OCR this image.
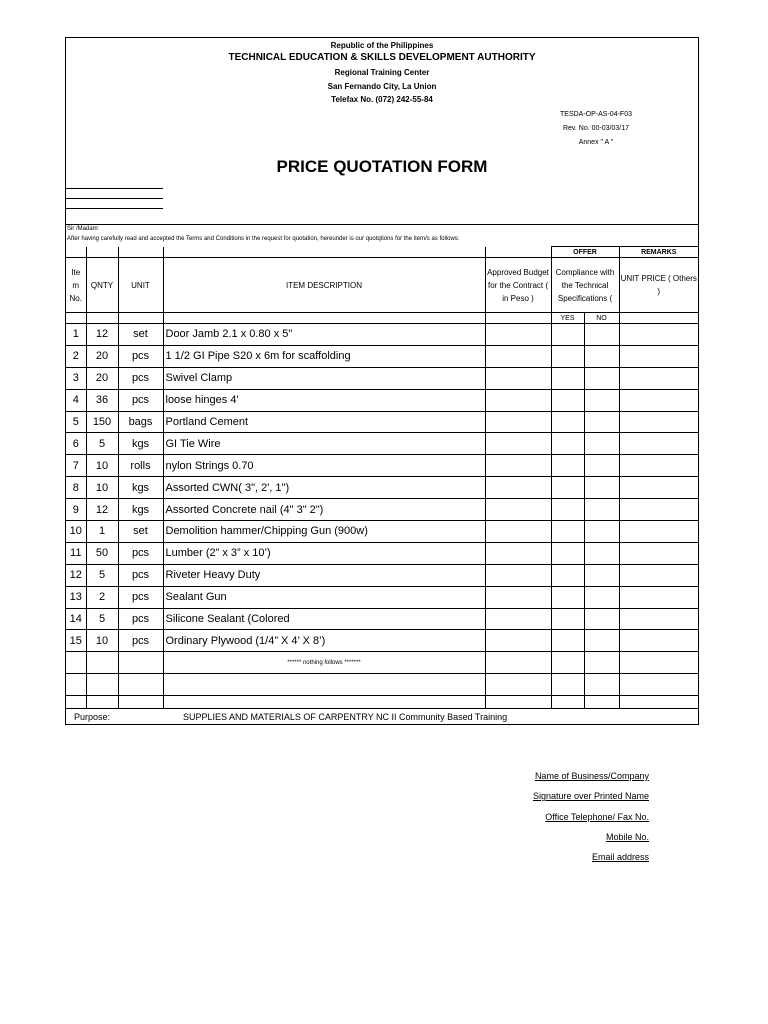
Republic of the Philippines
TECHNICAL EDUCATION & SKILLS DEVELOPMENT AUTHORITY
Regional Training Center
San Fernando City, La Union
Telefax No. (072) 242-55-84
TESDA-OP-AS-04-F03
Rev. No. 00-03/03/17
Annex " A "
PRICE QUOTATION FORM
Sir /Madam:
After having carefully read and accepted the Terms and Conditions in the request for quotation, hereunder is our quotqtions for the item/s as follows:
					OFFER		REMARKS
Ite m No.	QNTY	UNIT	ITEM DESCRIPTION	Approved Budget for the Contract ( in Peso )	Compliance with the Technical Specifications (		UNIT PRICE ( Others )
					YES	NO	
1	12	set	Door Jamb 2.1 x 0.80 x 5"				
2	20	pcs	1 1/2 GI Pipe S20 x 6m for scaffolding				
3	20	pcs	Swivel Clamp				
4	36	pcs	loose hinges 4'				
5	150	bags	Portland Cement				
6	5	kgs	GI Tie Wire				
7	10	rolls	nylon Strings 0.70				
8	10	kgs	Assorted CWN( 3", 2', 1")				
9	12	kgs	Assorted Concrete nail (4" 3" 2")				
10	1	set	Demolition hammer/Chipping Gun (900w)				
11	50	pcs	Lumber (2” x 3” x 10’)				
12	5	pcs	Riveter Heavy Duty				
13	2	pcs	Sealant Gun				
14	5	pcs	Silicone Sealant (Colored				
15	10	pcs	Ordinary Plywood (1/4” X 4’ X 8’)				
			****** nothing follows *******				

Purpose: SUPPLIES AND MATERIALS OF CARPENTRY NC II Community Based Training							
Name of Business/Company
Signature over Printed Name
Office Telephone/ Fax No.
Mobile No.
Email address
